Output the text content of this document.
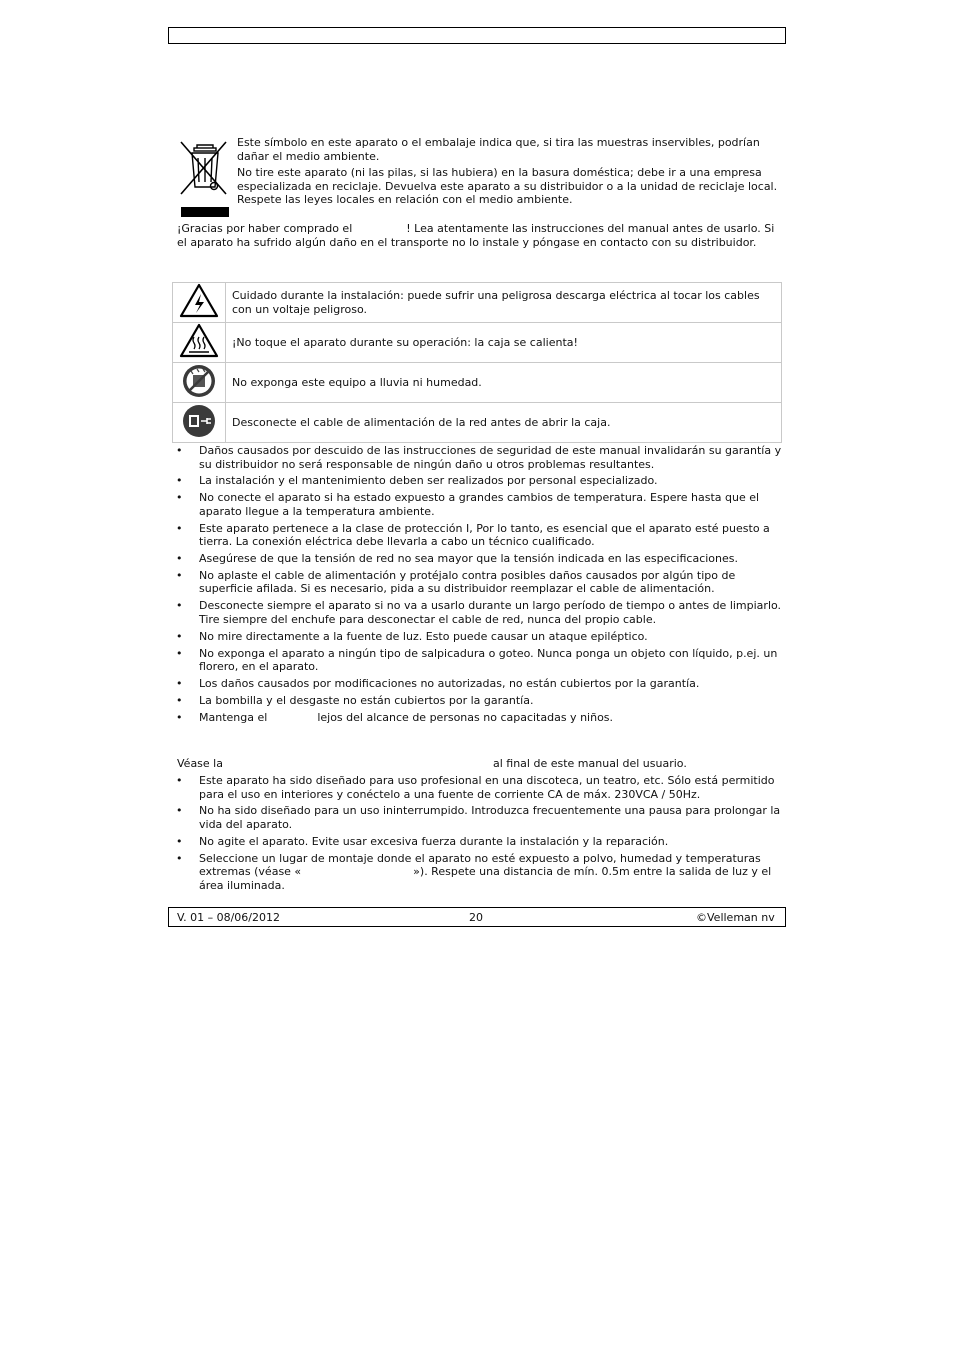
Este símbolo en este aparato o el embalaje indica que, si tira las muestras inservibles, podrían dañar el medio ambiente.

No tire este aparato (ni las pilas, si las hubiera) en la basura doméstica; debe ir a una empresa especializada en reciclaje. Devuelva este aparato a su distribuidor o a la unidad de reciclaje local. Respete las leyes locales en relación con el medio ambiente.

¡Gracias por haber comprado el	! Lea atentamente las instrucciones del manual antes de usarlo. Si el aparato ha sufrido algún daño en el transporte no lo instale y póngase en contacto con su distribuidor.
	Cuidado durante la instalación: puede sufrir una peligrosa descarga eléctrica al tocar los cables con un voltaje peligroso.
	¡No toque el aparato durante su operación: la caja se calienta!
	No exponga este equipo a lluvia ni humedad.
	Desconecte el cable de alimentación de la red antes de abrir la caja.
• Daños causados por descuido de las instrucciones de seguridad de este manual invalidarán su garantía y su distribuidor no será responsable de ningún daño u otros problemas resultantes.
• La instalación y el mantenimiento deben ser realizados por personal especializado.
• No conecte el aparato si ha estado expuesto a grandes cambios de temperatura. Espere hasta que el aparato llegue a la temperatura ambiente.
• Este aparato pertenece a la clase de protección I, Por lo tanto, es esencial que el aparato esté puesto a tierra. La conexión eléctrica debe llevarla a cabo un técnico cualificado.
• Asegúrese de que la tensión de red no sea mayor que la tensión indicada en las especificaciones.
• No aplaste el cable de alimentación y protéjalo contra posibles daños causados por algún tipo de superficie afilada. Si es necesario, pida a su distribuidor reemplazar el cable de alimentación.
• Desconecte siempre el aparato si no va a usarlo durante un largo período de tiempo o antes de limpiarlo. Tire siempre del enchufe para desconectar el cable de red, nunca del propio cable.
• No mire directamente a la fuente de luz. Esto puede causar un ataque epiléptico.
• No exponga el aparato a ningún tipo de salpicadura o goteo. Nunca ponga un objeto con líquido, p.ej. un florero, en el aparato.
• Los daños causados por modificaciones no autorizadas, no están cubiertos por la garantía.
• La bombilla y el desgaste no están cubiertos por la garantía.
• Mantenga el	lejos del alcance de personas no capacitadas y niños.
Véase la	al final de este manual del usuario.
• Este aparato ha sido diseñado para uso profesional en una discoteca, un teatro, etc. Sólo está permitido para el uso en interiores y conéctelo a una fuente de corriente CA de máx. 230VCA / 50Hz.
• No ha sido diseñado para un uso ininterrumpido. Introduzca frecuentemente una pausa para prolongar la vida del aparato.
• No agite el aparato. Evite usar excesiva fuerza durante la instalación y la reparación.
• Seleccione un lugar de montaje donde el aparato no esté expuesto a polvo, humedad y temperaturas extremas (véase «	»). Respete una distancia de mín. 0.5m entre la salida de luz y el área iluminada.
V. 01 – 08/06/2012	20	©Velleman nv
